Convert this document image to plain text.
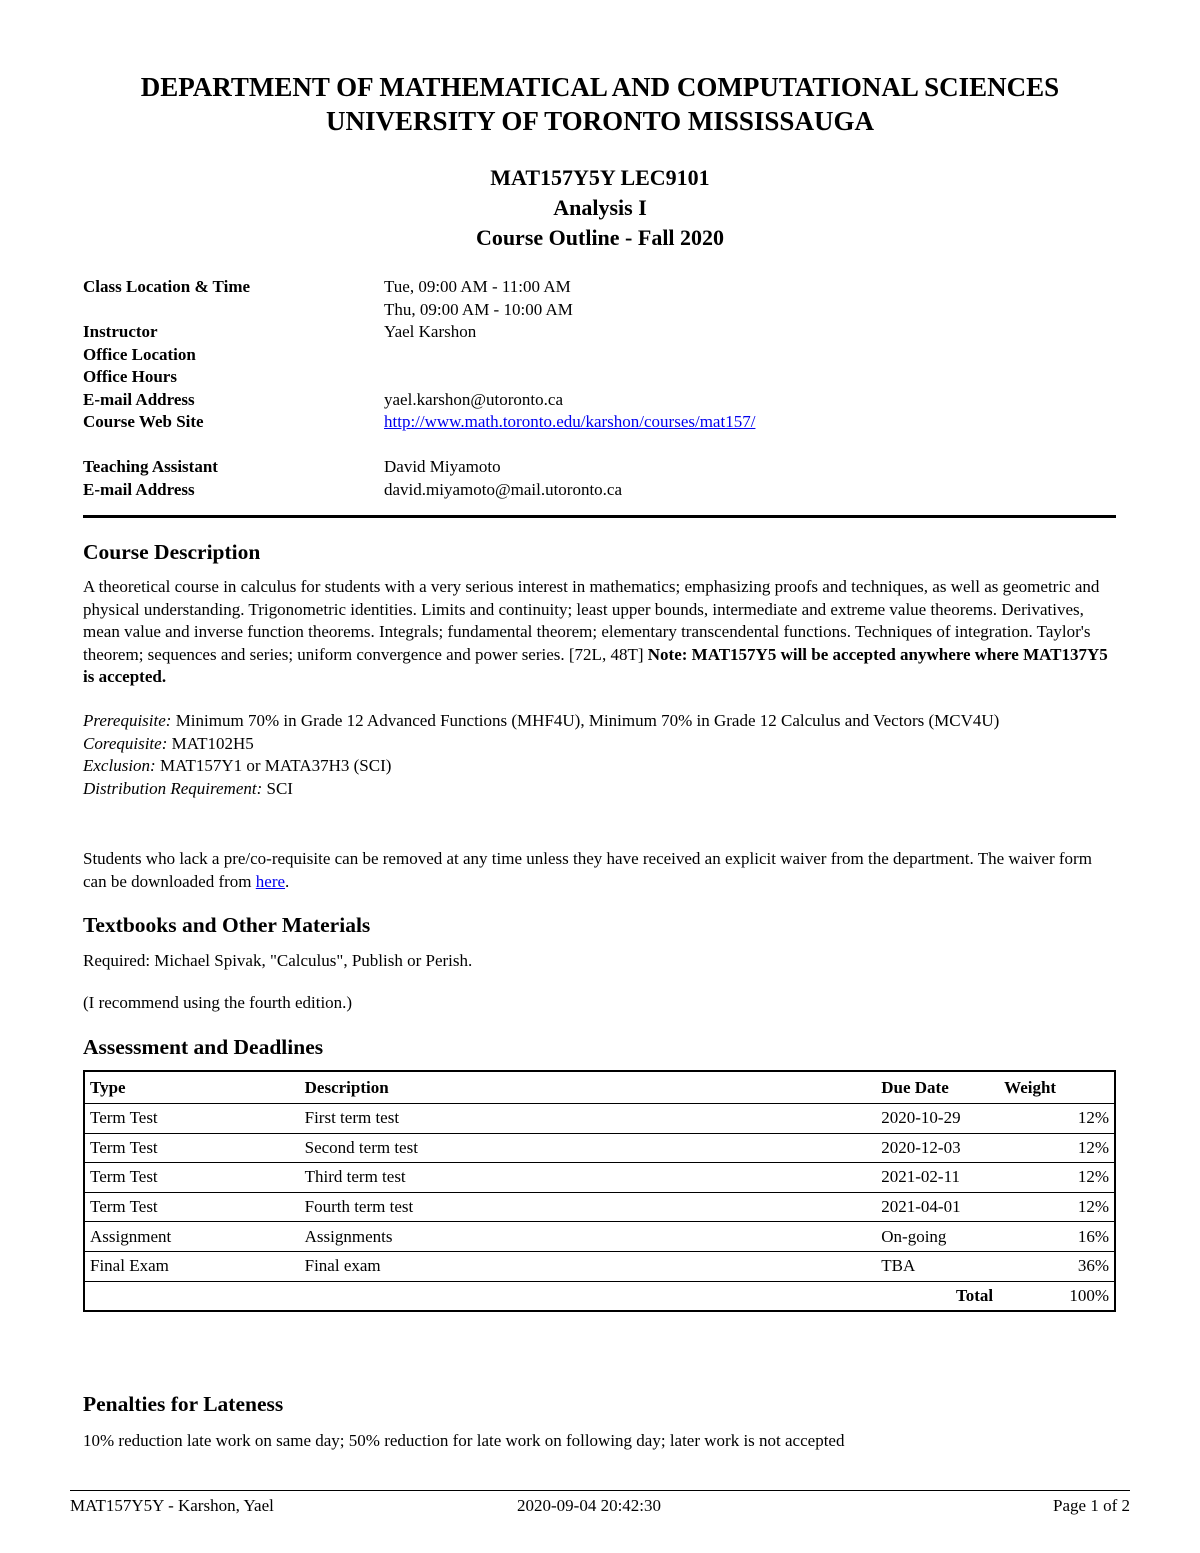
DEPARTMENT OF MATHEMATICAL AND COMPUTATIONAL SCIENCES
UNIVERSITY OF TORONTO MISSISSAUGA
MAT157Y5Y LEC9101
Analysis I
Course Outline - Fall 2020
Class Location & Time	Tue, 09:00 AM - 11:00 AM
Thu, 09:00 AM - 10:00 AM
Instructor	Yael Karshon
Office Location
Office Hours
E-mail Address	yael.karshon@utoronto.ca
Course Web Site	http://www.math.toronto.edu/karshon/courses/mat157/
Teaching Assistant	David Miyamoto
E-mail Address	david.miyamoto@mail.utoronto.ca
Course Description

A theoretical course in calculus for students with a very serious interest in mathematics; emphasizing proofs and techniques, as well as geometric and physical understanding. Trigonometric identities. Limits and continuity; least upper bounds, intermediate and extreme value theorems. Derivatives, mean value and inverse function theorems. Integrals; fundamental theorem; elementary transcendental functions. Techniques of integration. Taylor's theorem; sequences and series; uniform convergence and power series. [72L, 48T] Note: MAT157Y5 will be accepted anywhere where MAT137Y5 is accepted.

Prerequisite: Minimum 70% in Grade 12 Advanced Functions (MHF4U), Minimum 70% in Grade 12 Calculus and Vectors (MCV4U)

Corequisite: MAT102H5

Exclusion: MAT157Y1 or MATA37H3 (SCI)

Distribution Requirement: SCI

Students who lack a pre/co-requisite can be removed at any time unless they have received an explicit waiver from the department. The waiver form can be downloaded from here.

Textbooks and Other Materials
Required: Michael Spivak, "Calculus", Publish or Perish.
(I recommend using the fourth edition.)
Assessment and Deadlines
Type	Description	Due Date	Weight
Term Test	First term test	2020-10-29	12%
Term Test	Second term test	2020-12-03	12%
Term Test	Third term test	2021-02-11	12%
Term Test	Fourth term test	2021-04-01	12%
Assignment	Assignments	On-going	16%
Final Exam	Final exam	TBA	36%
Total			100%
Penalties for Lateness
10% reduction late work on same day; 50% reduction for late work on following day; later work is not accepted
MAT157Y5Y - Karshon, Yael	2020-09-04 20:42:30	Page 1 of 2
